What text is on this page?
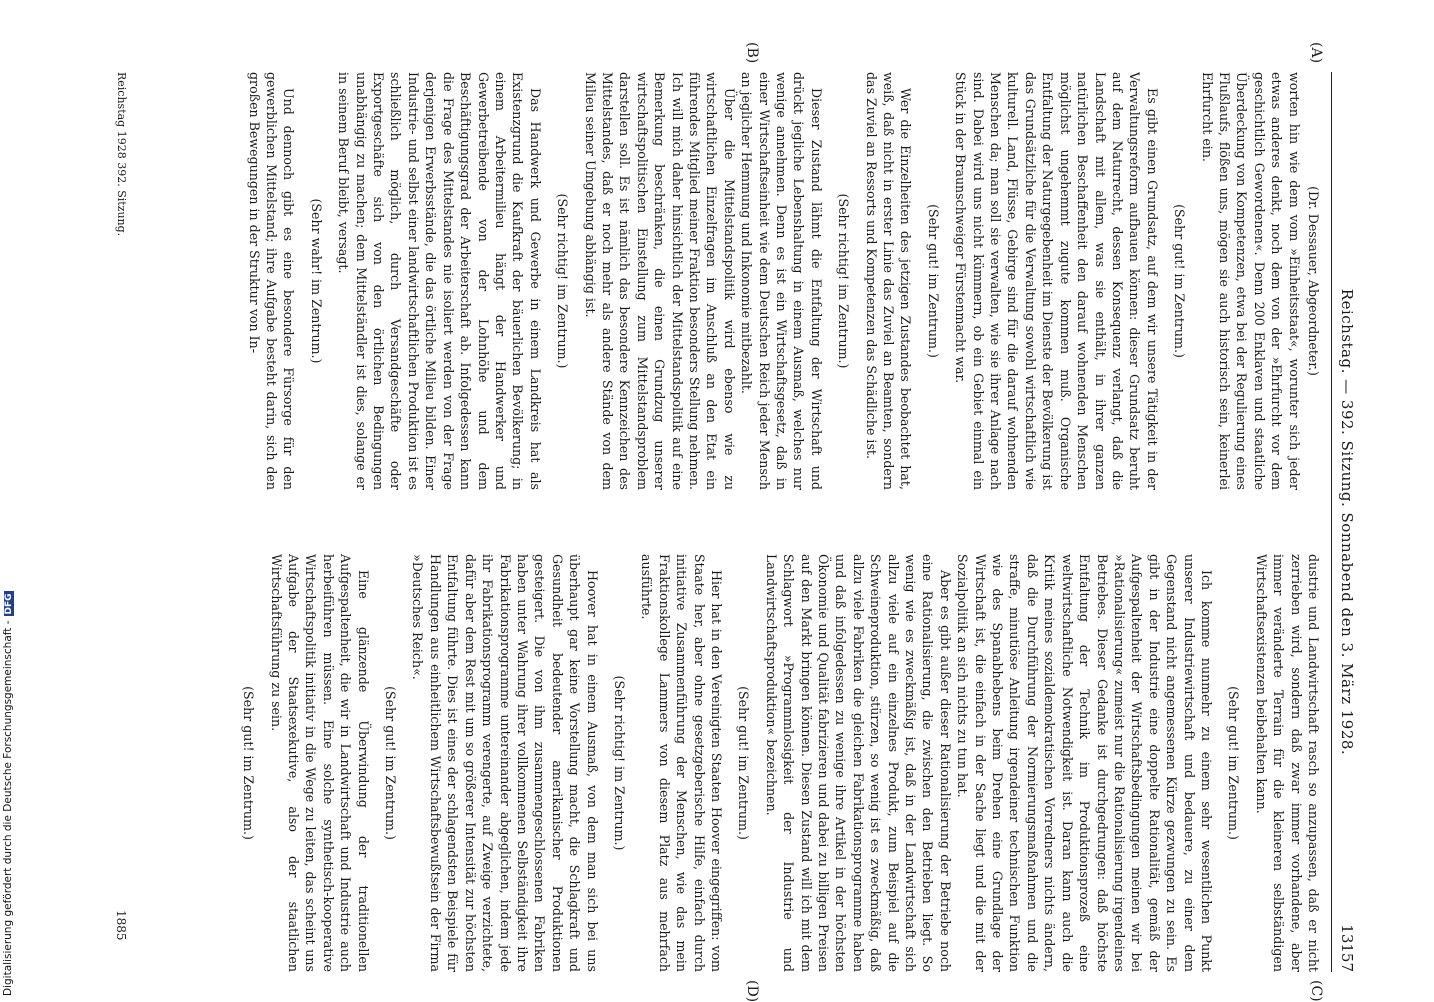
Reichstag. — 392. Sitzung. Sonnabend den 3. März 1928.
13157
(A)
(B)
(C)
(D)

(Dr. Dessauer, Abgeordneter.)

worten hin wie dem vom »Einheitsstaat«, worunter sich jeder etwas anderes denkt, noch dem von der »Ehrfurcht vor dem geschichtlich Gewordenen«. Denn 200 Enklaven und staatliche Überdeckung von Kompetenzen, etwa bei der Regulierung eines Flußlaufs, flößen uns, mögen sie auch historisch sein, keinerlei Ehrfurcht ein.

(Sehr gut! im Zentrum.)

Es gibt einen Grundsatz, auf dem wir unsere Tätigkeit in der Verwaltungsreform aufbauen können: dieser Grundsatz beruht auf dem Naturrecht, dessen Konsequenz verlangt, daß die Landschaft mit allem, was sie enthält, in ihrer ganzen natürlichen Beschaffenheit den darauf wohnenden Menschen möglichst ungehemmt zugute kommen muß. Organische Entfaltung der Naturgegebenheit im Dienste der Bevölkerung ist das Grundsätzliche für die Verwaltung sowohl wirtschaftlich wie kulturell. Land, Flüsse, Gebirge sind für die darauf wohnenden Menschen da; man soll sie verwalten, wie sie ihrer Anlage nach sind. Dabei wird uns nicht kümmern, ob ein Gebiet einmal ein Stück in der Braunschweiger Fürstenmacht war.

(Sehr gut! im Zentrum.)

Wer die Einzelheiten des jetzigen Zustandes beobachtet hat, weiß, daß nicht in erster Linie das Zuviel an Beamten, sondern das Zuviel an Ressorts und Kompetenzen das Schädliche ist.

(Sehr richtig! im Zentrum.)

Dieser Zustand lähmt die Entfaltung der Wirtschaft und drückt jegliche Lebenshaltung in einem Ausmaß, welches nur wenige annehmen. Denn es ist ein Wirtschaftsgesetz, daß in einer Wirtschaftseinheit wie dem Deutschen Reich jeder Mensch an jeglicher Hemmung und Inkonomie mitbezahlt.

Über die Mittelstandspolitik wird ebenso wie zu wirtschaftlichen Einzelfragen im Anschluß an den Etat ein führendes Mitglied meiner Fraktion besonders Stellung nehmen. Ich will mich daher hinsichtlich der Mittelstandspolitik auf eine Bemerkung beschränken, die einen Grundzug unserer wirtschaftspolitischen Einstellung zum Mittelstandsproblem darstellen soll. Es ist nämlich das besondere Kennzeichen des Mittelstandes, daß er noch mehr als andere Stände von dem Milieu seiner Umgebung abhängig ist.

(Sehr richtig! im Zentrum.)

Das Handwerk und Gewerbe in einem Landkreis hat als Existenzgrund die Kaufkraft der bäuerlichen Bevölkerung; in einem Arbeitermilieu hängt der Handwerker und Gewerbetreibende von der Lohnhöhe und dem Beschäftigungsgrad der Arbeiterschaft ab. Infolgedessen kann die Frage des Mittelstandes nie isoliert werden von der Frage derjenigen Erwerbsstände, die das örtliche Milieu bilden. Einer Industrie- und selbst einer landwirtschaftlichen Produktion ist es schließlich möglich, durch Versandgeschäfte oder Exportgeschäfte sich von den örtlichen Bedingungen unabhängig zu machen; dem Mittelständler ist dies, solange er in seinem Beruf bleibt, versagt.

(Sehr wahr! im Zentrum.)

Und dennoch gibt es eine besondere Fürsorge für den gewerblichen Mittelstand; ihre Aufgabe besteht darin, sich den großen Bewegungen in der Struktur von In-

dustrie und Landwirtschaft rasch so anzupassen, daß er nicht zerrieben wird, sondern daß zwar immer vorhandene, aber immer veränderte Terrain für die kleineren selbständigen Wirtschaftsexistenzen beibehalten kann.

(Sehr gut! im Zentrum.)

Ich komme nunmehr zu einem sehr wesentlichen Punkt unserer Industriewirtschaft und bedauere, zu einer dem Gegenstand nicht angemessenen Kürze gezwungen zu sein. Es gibt in der Industrie eine doppelte Rationalität, gemäß der Aufgespaltenheit der Wirtschaftsbedingungen meinen wir bei »Rationalisierung« zumeist nur die Rationalisierung irgendeines Betriebes. Dieser Gedanke ist durchgedrungen: daß höchste Entfaltung der Technik im Produktionsprozeß eine weltwirtschaftliche Notwendigkeit ist. Daran kann auch die Kritik meines sozialdemokratischen Vorredners nichts ändern, daß die Durchführung der Normierungsmaßnahmen und die straffe, minutiöse Anleitung irgendeiner technischen Funktion wie des Spanabhebens beim Drehen eine Grundlage der Wirtschaft ist, die einfach in der Sache liegt und die mit der Sozialpolitik an sich nichts zu tun hat.

Aber es gibt außer dieser Rationalisierung der Betriebe noch eine Rationalisierung, die zwischen den Betrieben liegt. So wenig wie es zweckmäßig ist, daß in der Landwirtschaft sich allzu viele auf ein einzelnes Produkt, zum Beispiel auf die Schweineproduktion, stürzen, so wenig ist es zweckmäßig, daß allzu viele Fabriken die gleichen Fabrikationsprogramme haben und daß infolgedessen zu wenige ihre Artikel in der höchsten Ökonomie und Qualität fabrizieren und dabei zu billigen Preisen auf den Markt bringen können. Diesen Zustand will ich mit dem Schlagwort »Programmlosigkeit der Industrie und Landwirtschaftsproduktion« bezeichnen.

(Sehr gut! im Zentrum.)

Hier hat in den Vereinigten Staaten Hoover eingegriffen: vom Staate her, aber ohne gesetzgeberische Hilfe, einfach durch initiative Zusammenführung der Menschen, wie das mein Fraktionskollege Lammers von diesem Platz aus mehrfach ausführte.

(Sehr richtig! im Zentrum.)

Hoover hat in einem Ausmaß, von dem man sich bei uns überhaupt gar keine Vorstellung macht, die Schlagkraft und Gesundheit bedeutender amerikanischer Produktionen gesteigert. Die von ihm zusammengeschlossenen Fabriken haben unter Wahrung ihrer vollkommenen Selbständigkeit ihre Fabrikationsprogramme untereinander abgeglichen, indem jede ihr Fabrikationsprogramm verengerte, auf Zweige verzichtete, dafür aber dem Rest mit um so größerer Intensität zur höchsten Entfaltung führte. Dies ist eines der schlagendsten Beispiele für Handlungen aus einheitlichem Wirtschaftsbewußtsein der Firma »Deutsches Reich«.

(Sehr gut! im Zentrum.)

Eine glänzende Überwindung der traditionellen Aufgespaltenheit, die wir in Landwirtschaft und Industrie auch herbeiführen müssen. Eine solche synthetisch-kooperative Wirtschaftspolitik initiativ in die Wege zu leiten, das scheint uns Aufgabe der Staatsexekutive, also der staatlichen Wirtschaftsführung zu sein.

(Sehr gut! im Zentrum.)

Reichstag 1928 392. Sitzung.
1885
Digitalisierung gefördert durch die Deutsche Forschungsgemeinschaft -DFG
